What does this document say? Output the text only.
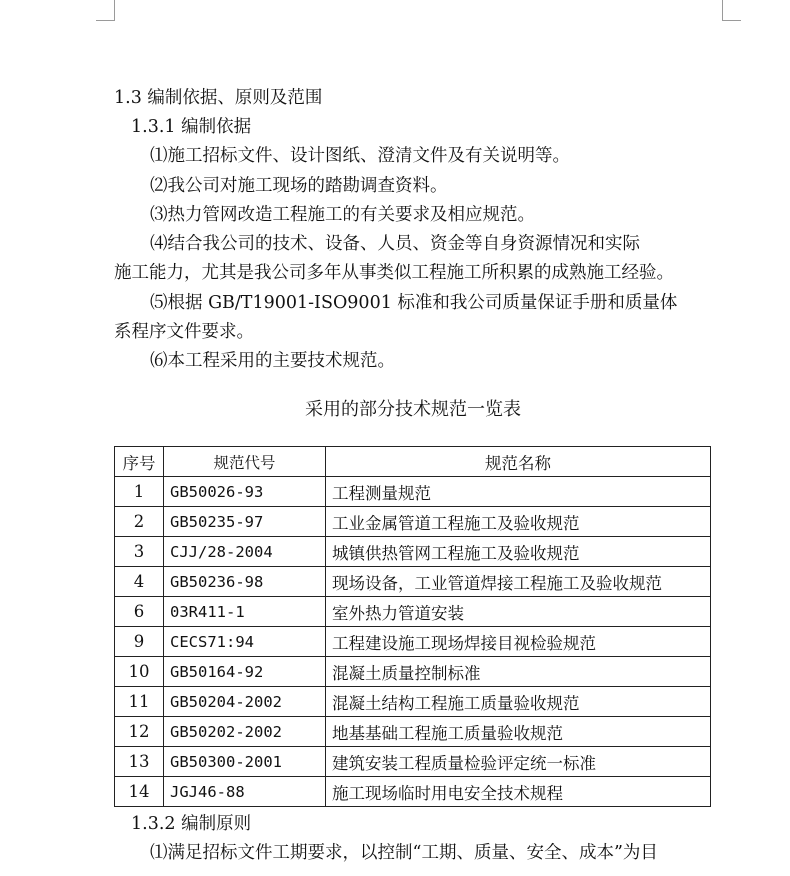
1.3 编制依据、原则及范围
1.3.1 编制依据
⑴施工招标文件、设计图纸、澄清文件及有关说明等。
⑵我公司对施工现场的踏勘调查资料。
⑶热力管网改造工程施工的有关要求及相应规范。
⑷结合我公司的技术、设备、人员、资金等自身资源情况和实际
施工能力，尤其是我公司多年从事类似工程施工所积累的成熟施工经验。
⑸根据 GB/T19001-ISO9001 标准和我公司质量保证手册和质量体
系程序文件要求。
⑹本工程采用的主要技术规范。
采用的部分技术规范一览表
序号	规范代号	规范名称
1	GB50026-93	工程测量规范
2	GB50235-97	工业金属管道工程施工及验收规范
3	CJJ/28-2004	城镇供热管网工程施工及验收规范
4	GB50236-98	现场设备，工业管道焊接工程施工及验收规范
6	03R411-1	室外热力管道安装
9	CECS71:94	工程建设施工现场焊接目视检验规范
10	GB50164-92	混凝土质量控制标准
11	GB50204-2002	混凝土结构工程施工质量验收规范
12	GB50202-2002	地基基础工程施工质量验收规范
13	GB50300-2001	建筑安装工程质量检验评定统一标准
14	JGJ46-88	施工现场临时用电安全技术规程
1.3.2 编制原则
⑴满足招标文件工期要求，以控制“工期、质量、安全、成本”为目
